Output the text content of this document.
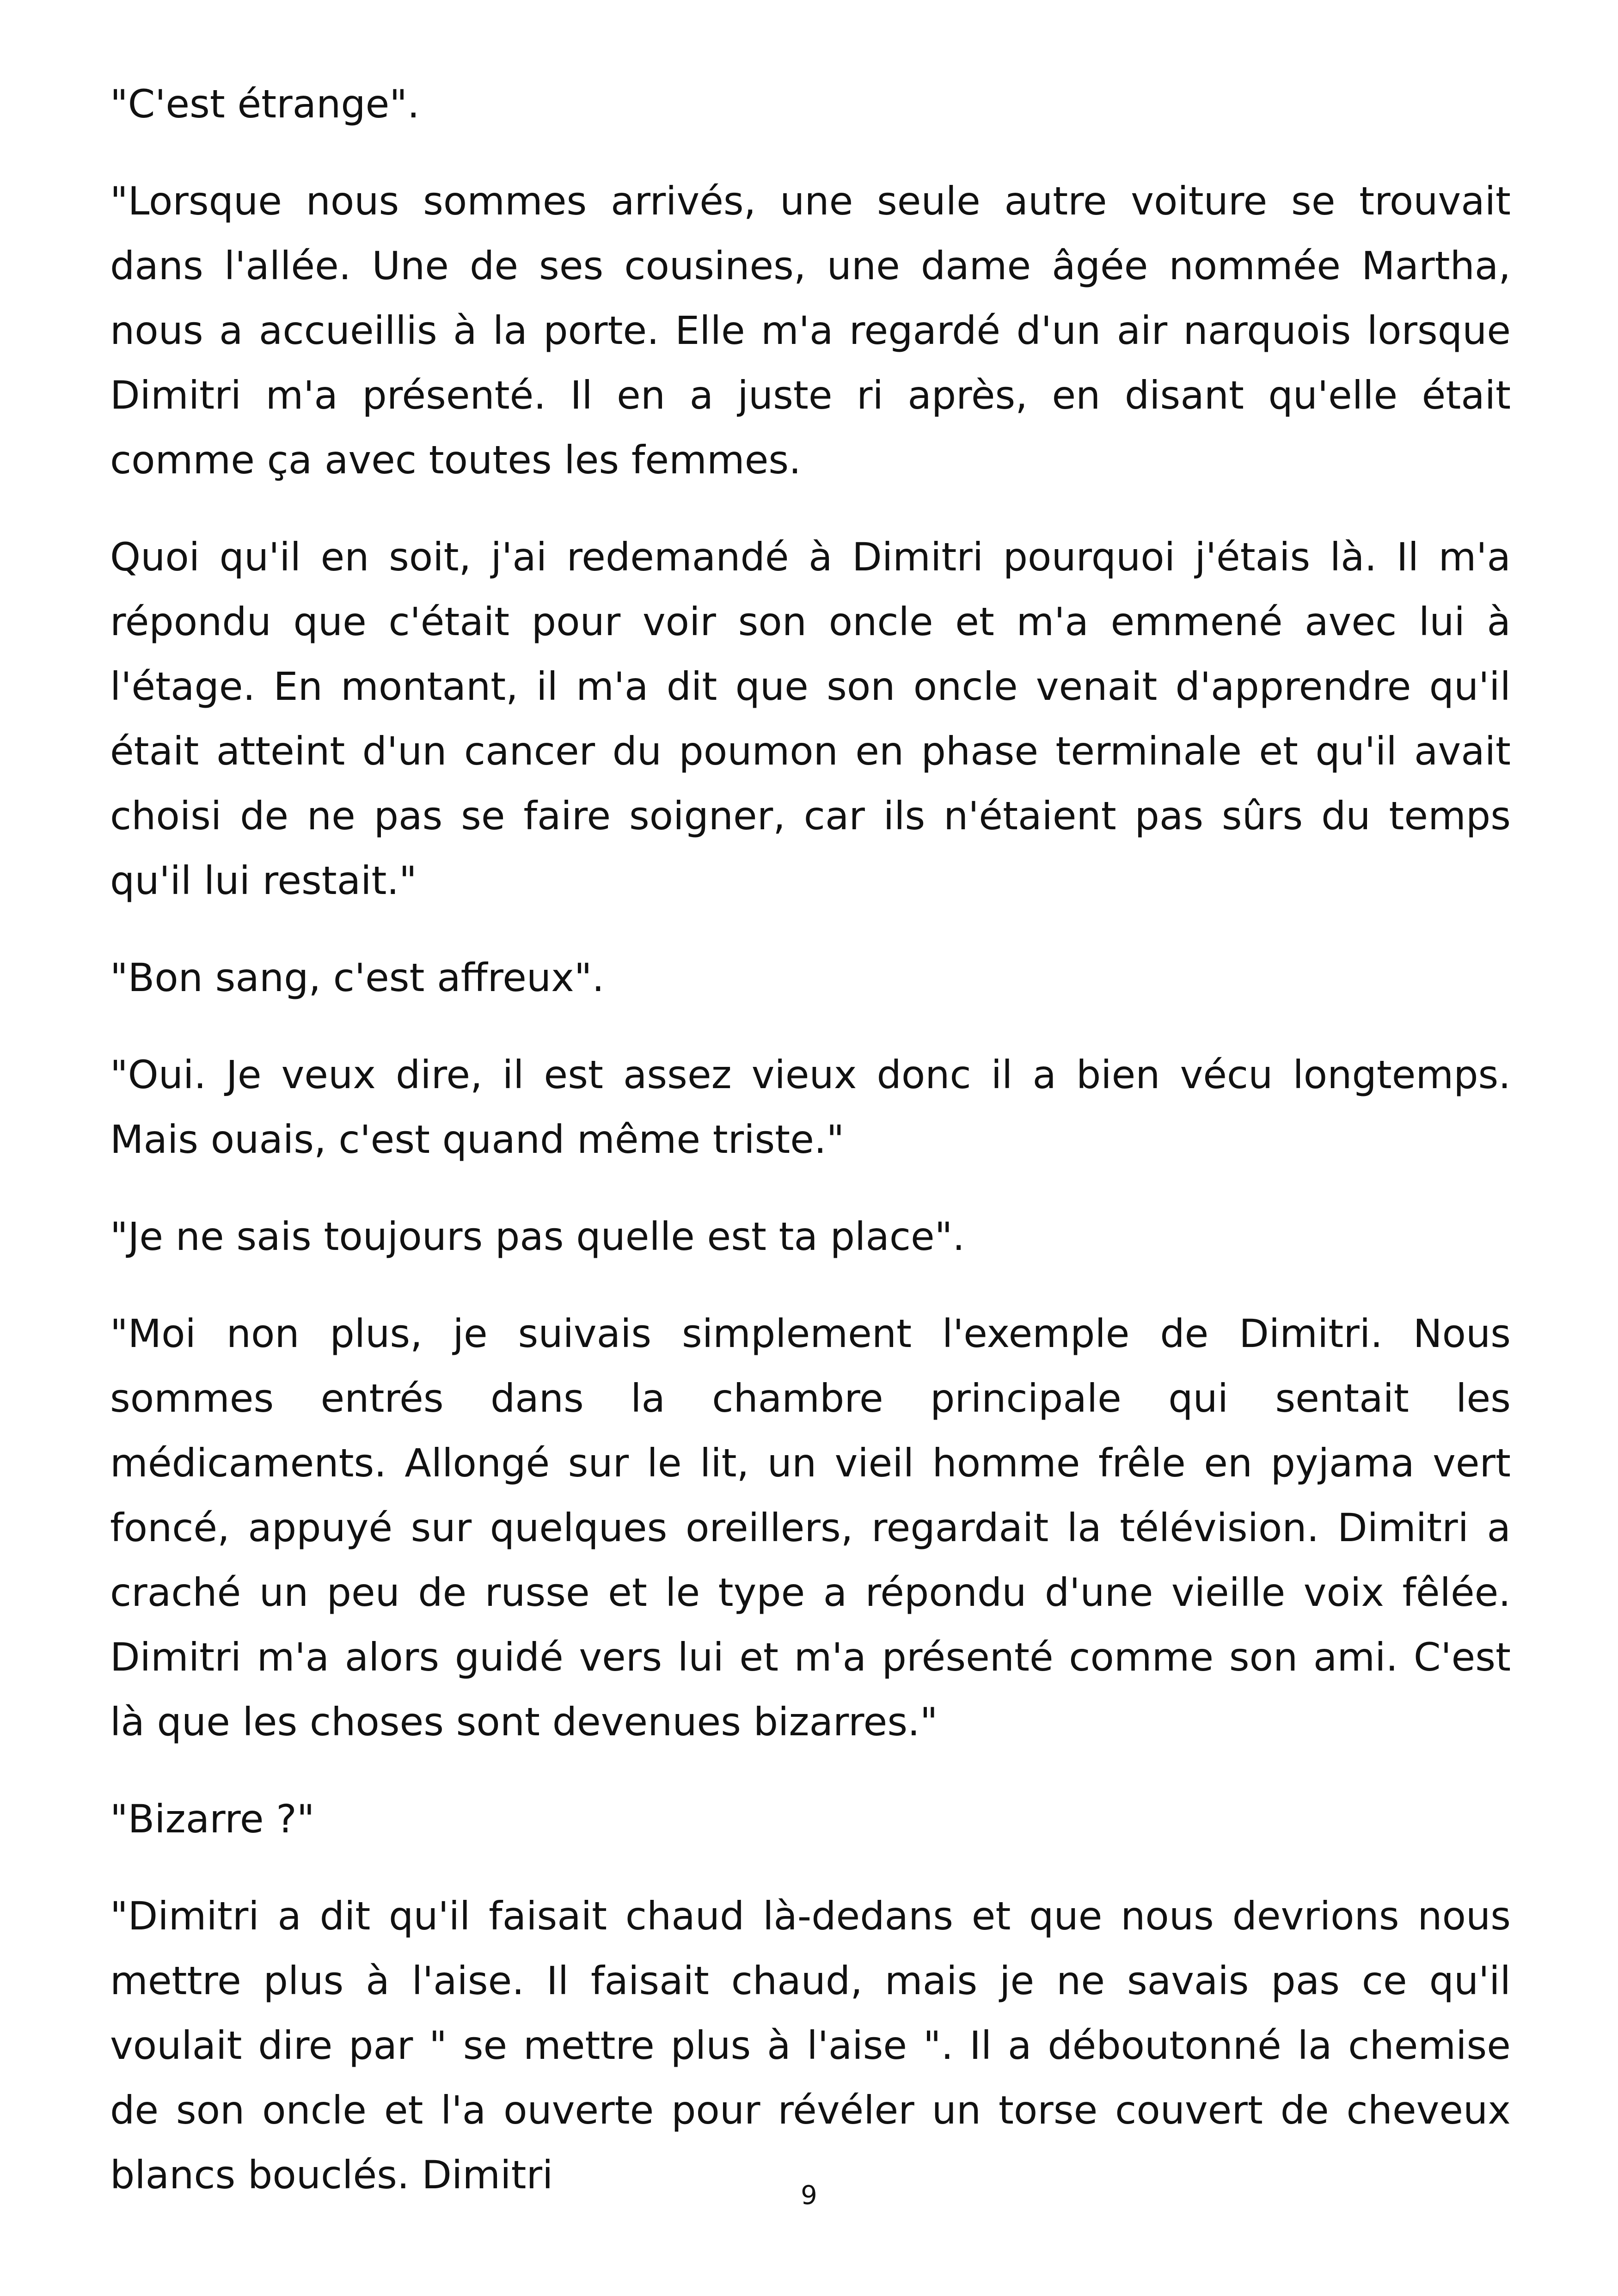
"C'est étrange".

"Lorsque nous sommes arrivés, une seule autre voiture se trouvait dans l'allée. Une de ses cousines, une dame âgée nommée Martha, nous a accueillis à la porte. Elle m'a regardé d'un air narquois lorsque Dimitri m'a présenté. Il en a juste ri après, en disant qu'elle était comme ça avec toutes les femmes.

Quoi qu'il en soit, j'ai redemandé à Dimitri pourquoi j'étais là. Il m'a répondu que c'était pour voir son oncle et m'a emmené avec lui à l'étage. En montant, il m'a dit que son oncle venait d'apprendre qu'il était atteint d'un cancer du poumon en phase terminale et qu'il avait choisi de ne pas se faire soigner, car ils n'étaient pas sûrs du temps qu'il lui restait."

"Bon sang, c'est affreux".

"Oui. Je veux dire, il est assez vieux donc il a bien vécu longtemps. Mais ouais, c'est quand même triste."

"Je ne sais toujours pas quelle est ta place".

"Moi non plus, je suivais simplement l'exemple de Dimitri. Nous sommes entrés dans la chambre principale qui sentait les médicaments. Allongé sur le lit, un vieil homme frêle en pyjama vert foncé, appuyé sur quelques oreillers, regardait la télévision. Dimitri a craché un peu de russe et le type a répondu d'une vieille voix fêlée. Dimitri m'a alors guidé vers lui et m'a présenté comme son ami. C'est là que les choses sont devenues bizarres."

"Bizarre ?"

"Dimitri a dit qu'il faisait chaud là-dedans et que nous devrions nous mettre plus à l'aise. Il faisait chaud, mais je ne savais pas ce qu'il voulait dire par " se mettre plus à l'aise ". Il a déboutonné la chemise de son oncle et l'a ouverte pour révéler un torse couvert de cheveux blancs bouclés. Dimitri	9
